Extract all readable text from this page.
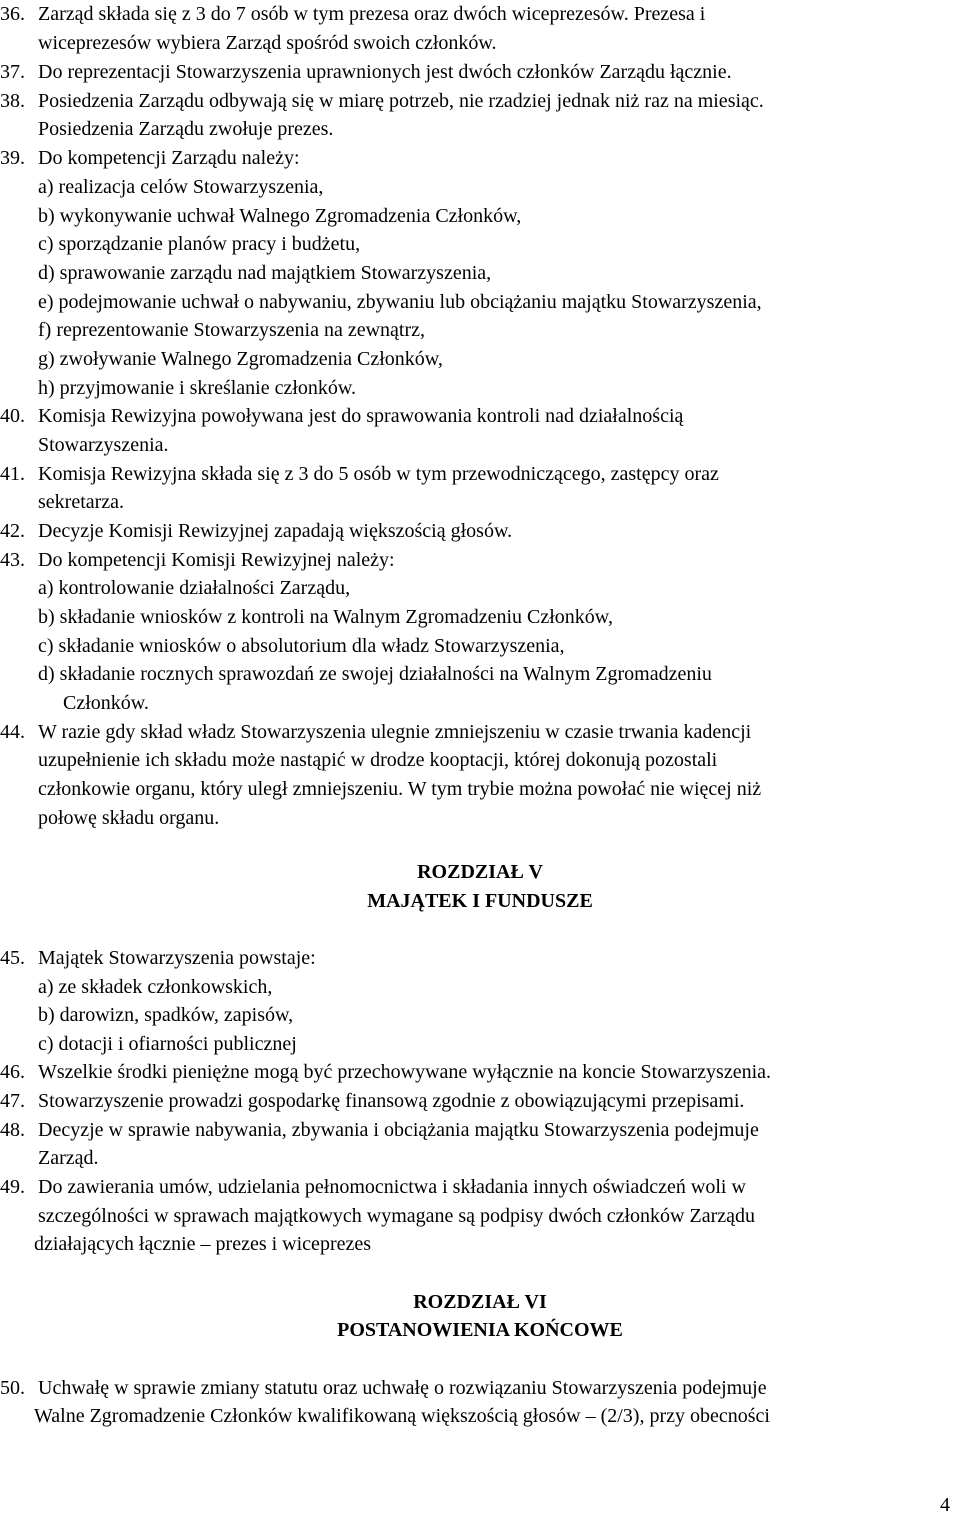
36. Zarząd składa się z 3 do 7 osób w tym prezesa oraz dwóch wiceprezesów. Prezesa i
wiceprezesów wybiera Zarząd spośród swoich członków.
37. Do reprezentacji Stowarzyszenia uprawnionych jest dwóch członków Zarządu łącznie.
38. Posiedzenia Zarządu odbywają się w miarę potrzeb, nie rzadziej jednak niż raz na miesiąc.
Posiedzenia Zarządu zwołuje prezes.
39. Do kompetencji Zarządu należy:
a) realizacja celów Stowarzyszenia,
b) wykonywanie uchwał Walnego Zgromadzenia Członków,
c) sporządzanie planów pracy i budżetu,
d) sprawowanie zarządu nad majątkiem Stowarzyszenia,
e) podejmowanie uchwał o nabywaniu, zbywaniu lub obciążaniu majątku Stowarzyszenia,
f) reprezentowanie Stowarzyszenia na zewnątrz,
g) zwoływanie Walnego Zgromadzenia Członków,
h) przyjmowanie i skreślanie członków.
40. Komisja Rewizyjna powoływana jest do sprawowania kontroli nad działalnością
Stowarzyszenia.
41. Komisja Rewizyjna składa się z 3 do 5 osób w tym przewodniczącego, zastępcy oraz
sekretarza.
42. Decyzje Komisji Rewizyjnej zapadają większością głosów.
43. Do kompetencji Komisji Rewizyjnej należy:
a) kontrolowanie działalności Zarządu,
b) składanie wniosków z kontroli na Walnym Zgromadzeniu Członków,
c) składanie wniosków o absolutorium dla władz Stowarzyszenia,
d) składanie rocznych sprawozdań ze swojej działalności na Walnym Zgromadzeniu
Członków.
44. W razie gdy skład władz Stowarzyszenia ulegnie zmniejszeniu w czasie trwania kadencji
uzupełnienie ich składu może nastąpić w drodze kooptacji, której dokonują pozostali
członkowie organu, który uległ zmniejszeniu. W tym trybie można powołać nie więcej niż
połowę składu organu.
ROZDZIAŁ V
MAJĄTEK I FUNDUSZE
45. Majątek Stowarzyszenia powstaje:
a) ze składek członkowskich,
b) darowizn, spadków, zapisów,
c) dotacji i ofiarności publicznej
46. Wszelkie środki pieniężne mogą być przechowywane wyłącznie na koncie Stowarzyszenia.
47. Stowarzyszenie prowadzi gospodarkę finansową zgodnie z obowiązującymi przepisami.
48. Decyzje w sprawie nabywania, zbywania i obciążania majątku Stowarzyszenia podejmuje
Zarząd.
49. Do zawierania umów, udzielania pełnomocnictwa i składania innych oświadczeń woli w
szczególności w sprawach majątkowych wymagane są podpisy dwóch członków Zarządu
działających łącznie – prezes i wiceprezes
ROZDZIAŁ VI
POSTANOWIENIA KOŃCOWE
50. Uchwałę w sprawie zmiany statutu oraz uchwałę o rozwiązaniu Stowarzyszenia podejmuje
Walne Zgromadzenie Członków kwalifikowaną większością głosów – (2/3), przy obecności
4
